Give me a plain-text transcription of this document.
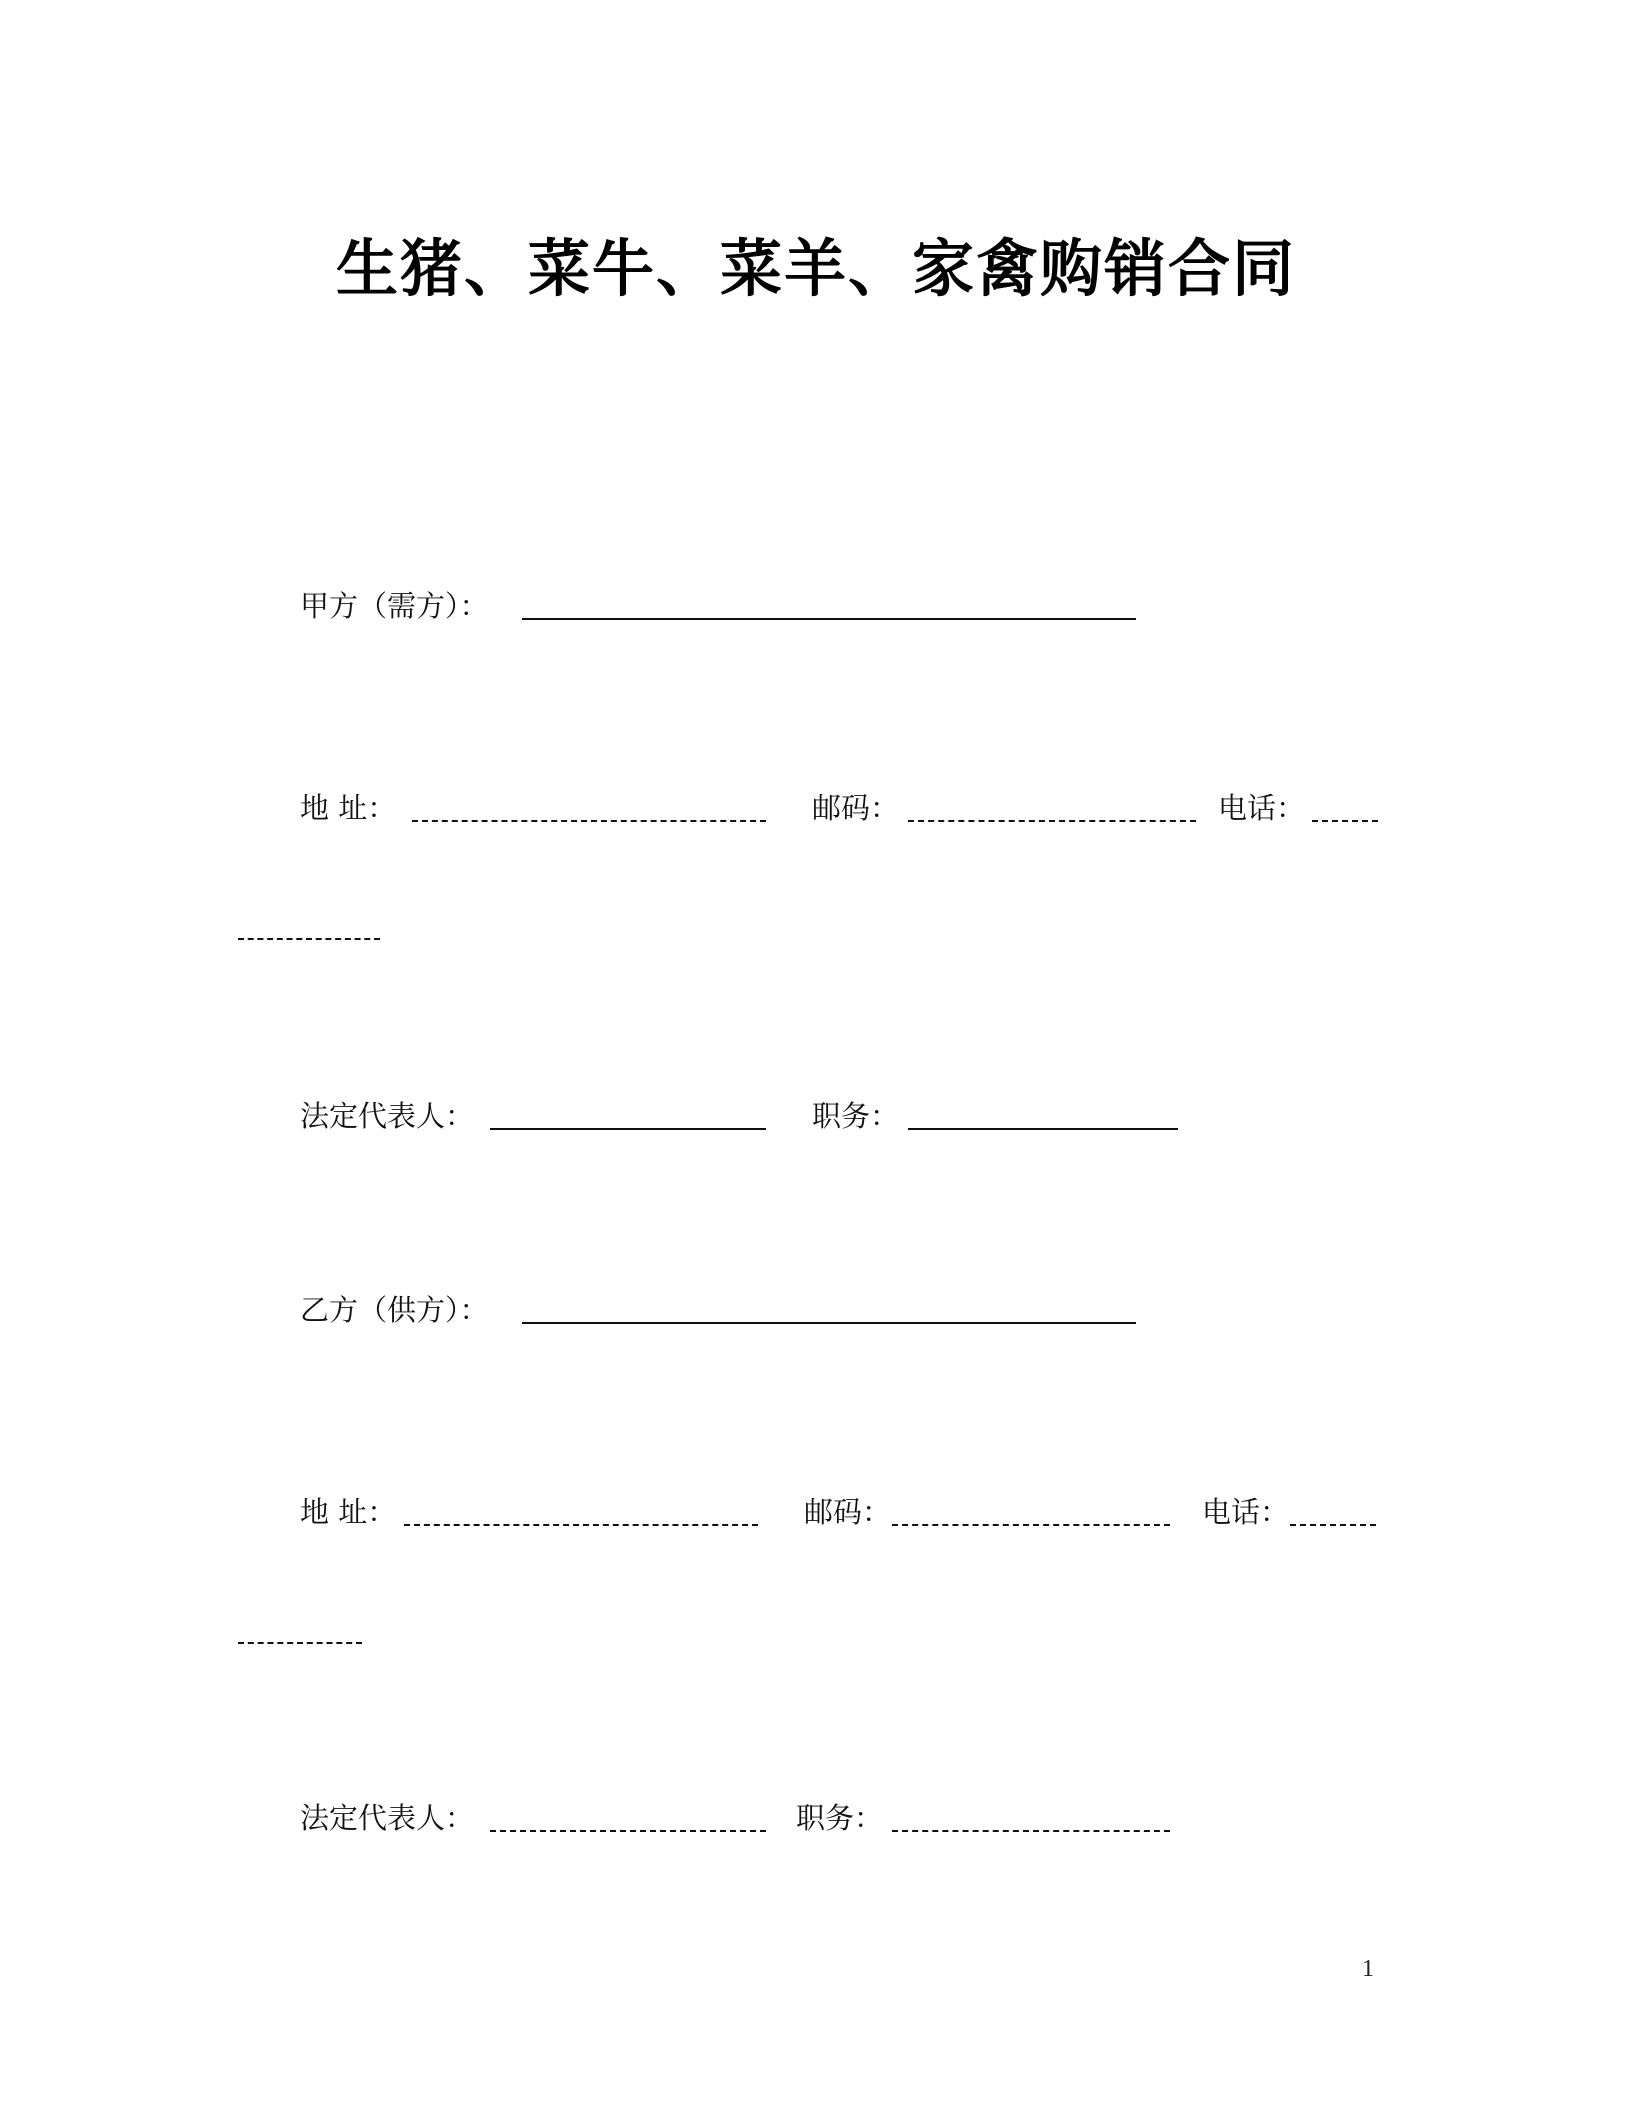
生猪、菜牛、菜羊、家禽购销合同
甲方（需方）：
地 址：	邮码：	电话：
法定代表人：	职务：
乙方（供方）：
地 址：	邮码：	电话：
法定代表人：	职务：
1
